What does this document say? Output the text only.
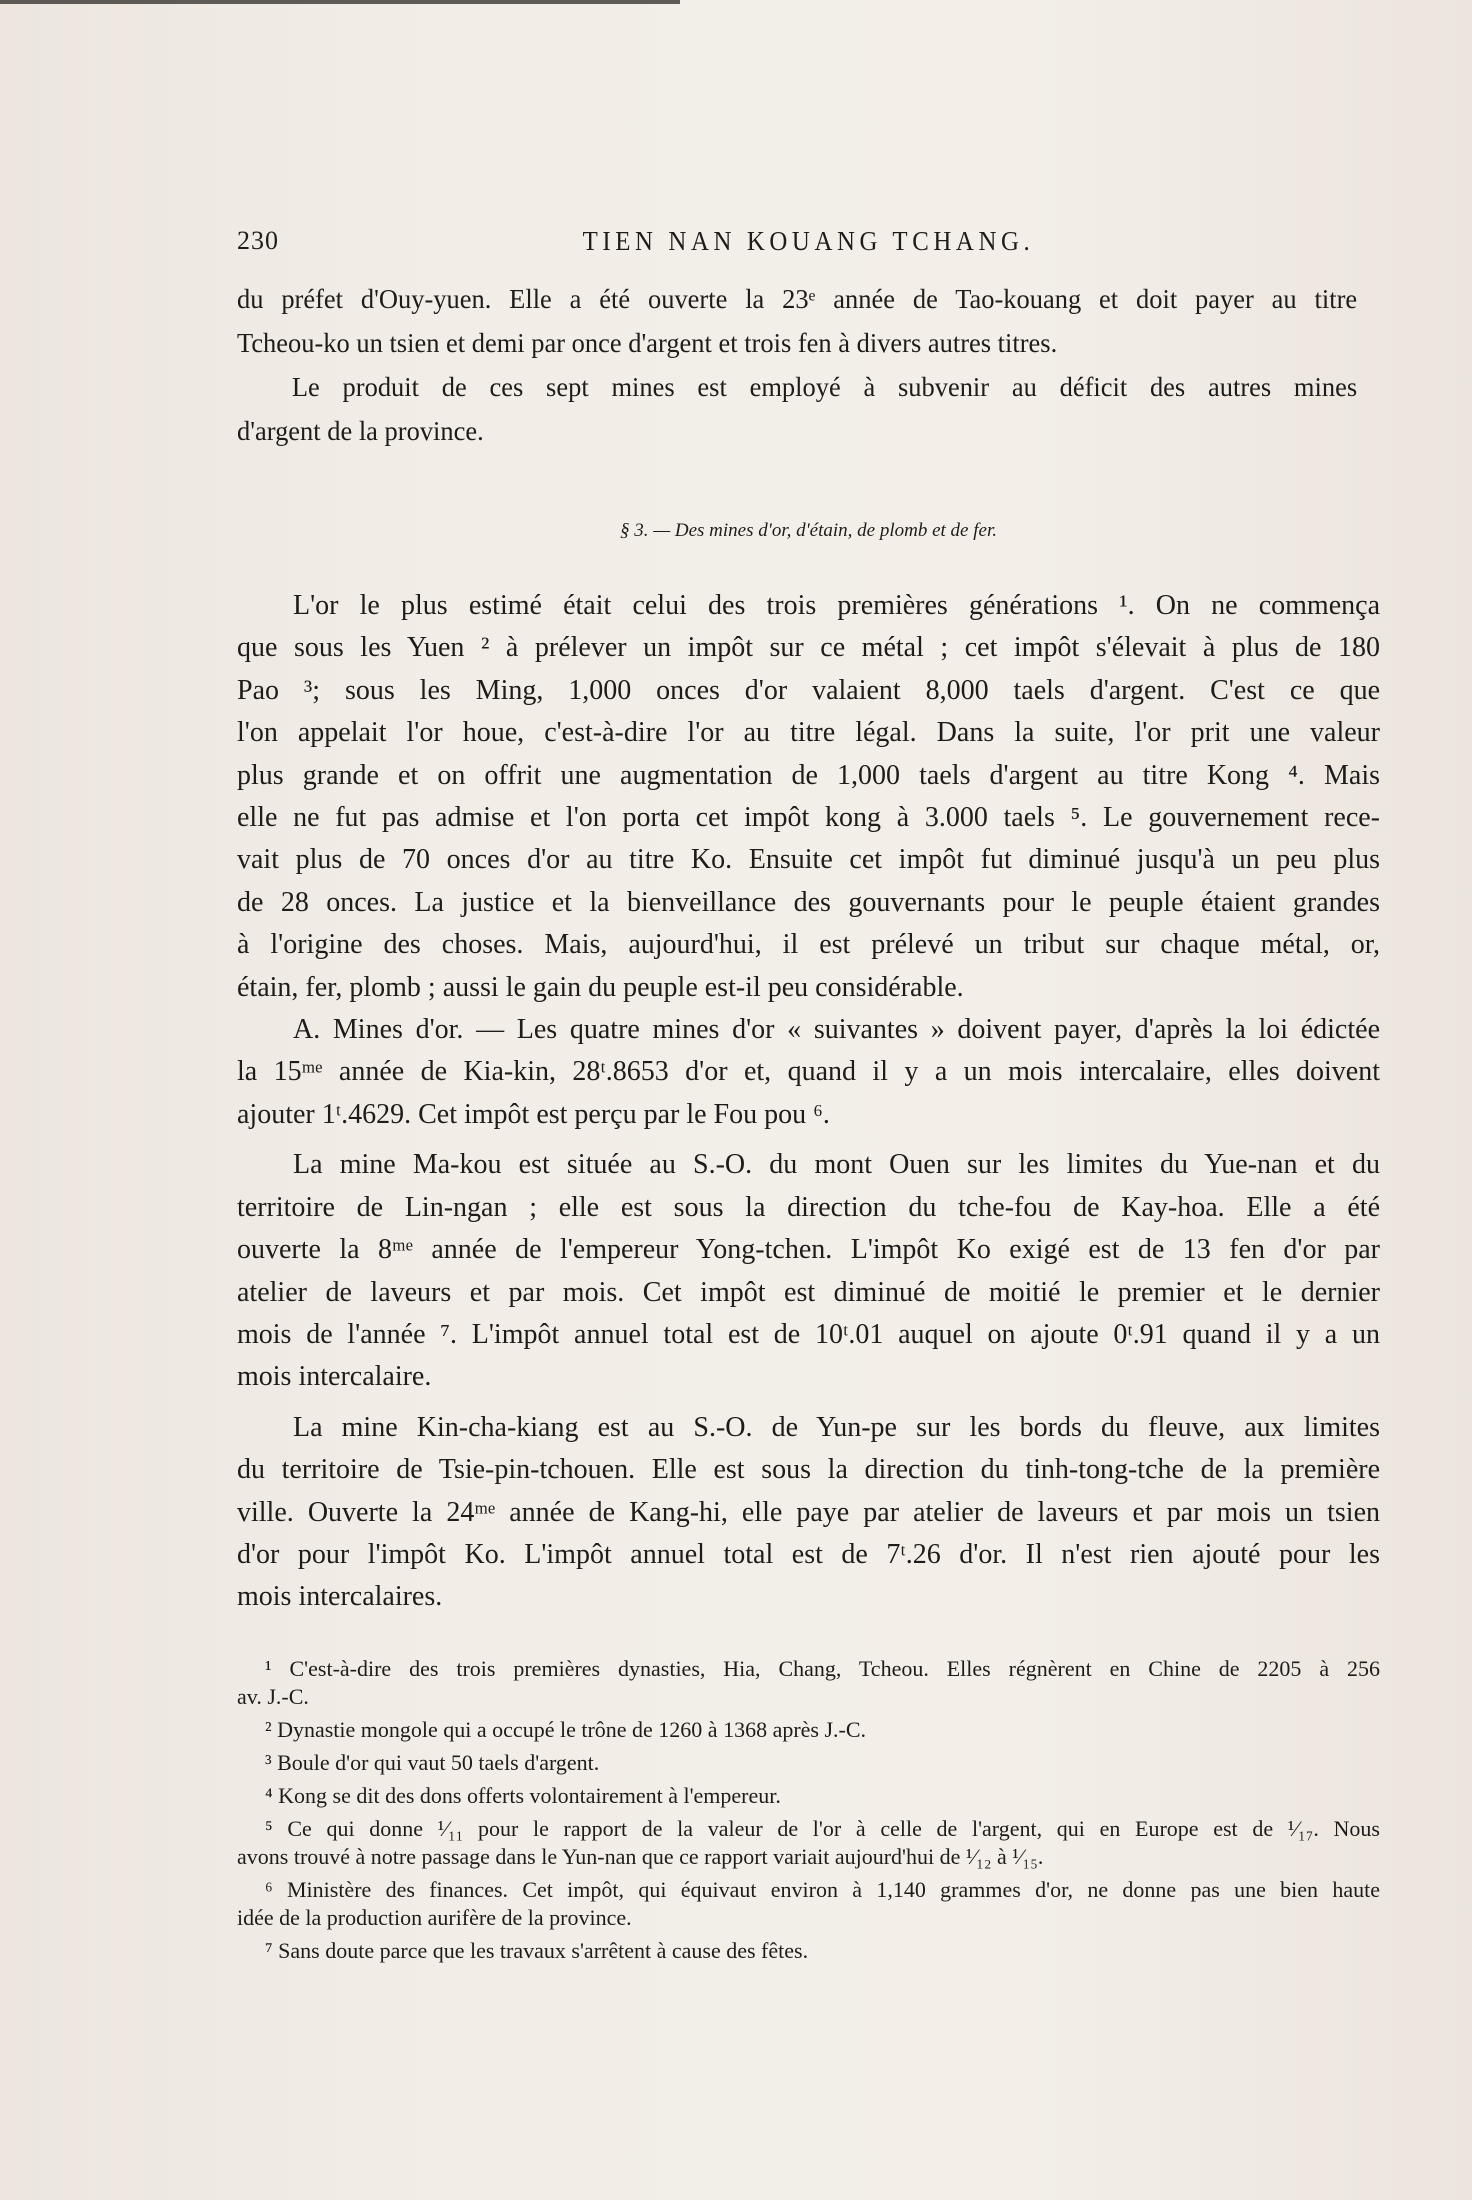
230	TIEN NAN KOUANG TCHANG.
du préfet d'Ouy-yuen. Elle a été ouverte la 23ᵉ année de Tao-kouang et doit payer au titre
Tcheou-ko un tsien et demi par once d'argent et trois fen à divers autres titres.
Le produit de ces sept mines est employé à subvenir au déficit des autres mines
d'argent de la province.
§ 3. — Des mines d'or, d'étain, de plomb et de fer.
L'or le plus estimé était celui des trois premières générations ¹. On ne commença
que sous les Yuen ² à prélever un impôt sur ce métal ; cet impôt s'élevait à plus de 180
Pao ³; sous les Ming, 1,000 onces d'or valaient 8,000 taels d'argent. C'est ce que
l'on appelait l'or houe, c'est-à-dire l'or au titre légal. Dans la suite, l'or prit une valeur
plus grande et on offrit une augmentation de 1,000 taels d'argent au titre Kong ⁴. Mais
elle ne fut pas admise et l'on porta cet impôt kong à 3.000 taels ⁵. Le gouvernement rece-
vait plus de 70 onces d'or au titre Ko. Ensuite cet impôt fut diminué jusqu'à un peu plus
de 28 onces. La justice et la bienveillance des gouvernants pour le peuple étaient grandes
à l'origine des choses. Mais, aujourd'hui, il est prélevé un tribut sur chaque métal, or,
étain, fer, plomb ; aussi le gain du peuple est-il peu considérable.
A. Mines d'or. — Les quatre mines d'or « suivantes » doivent payer, d'après la loi édictée
la 15ᵐᵉ année de Kia-kin, 28ᵗ.8653 d'or et, quand il y a un mois intercalaire, elles doivent
ajouter 1ᵗ.4629. Cet impôt est perçu par le Fou pou ⁶.
La mine Ma-kou est située au S.-O. du mont Ouen sur les limites du Yue-nan et du
territoire de Lin-ngan ; elle est sous la direction du tche-fou de Kay-hoa. Elle a été
ouverte la 8ᵐᵉ année de l'empereur Yong-tchen. L'impôt Ko exigé est de 13 fen d'or par
atelier de laveurs et par mois. Cet impôt est diminué de moitié le premier et le dernier
mois de l'année ⁷. L'impôt annuel total est de 10ᵗ.01 auquel on ajoute 0ᵗ.91 quand il y a un
mois intercalaire.
La mine Kin-cha-kiang est au S.-O. de Yun-pe sur les bords du fleuve, aux limites
du territoire de Tsie-pin-tchouen. Elle est sous la direction du tinh-tong-tche de la première
ville. Ouverte la 24ᵐᵉ année de Kang-hi, elle paye par atelier de laveurs et par mois un tsien
d'or pour l'impôt Ko. L'impôt annuel total est de 7ᵗ.26 d'or. Il n'est rien ajouté pour les
mois intercalaires.
¹ C'est-à-dire des trois premières dynasties, Hia, Chang, Tcheou. Elles régnèrent en Chine de 2205 à 256
av. J.-C.
² Dynastie mongole qui a occupé le trône de 1260 à 1368 après J.-C.
³ Boule d'or qui vaut 50 taels d'argent.
⁴ Kong se dit des dons offerts volontairement à l'empereur.
⁵ Ce qui donne ¹⁄₁₁ pour le rapport de la valeur de l'or à celle de l'argent, qui en Europe est de ¹⁄₁₇. Nous
avons trouvé à notre passage dans le Yun-nan que ce rapport variait aujourd'hui de ¹⁄₁₂ à ¹⁄₁₅.
⁶ Ministère des finances. Cet impôt, qui équivaut environ à 1,140 grammes d'or, ne donne pas une bien haute
idée de la production aurifère de la province.
⁷ Sans doute parce que les travaux s'arrêtent à cause des fêtes.
